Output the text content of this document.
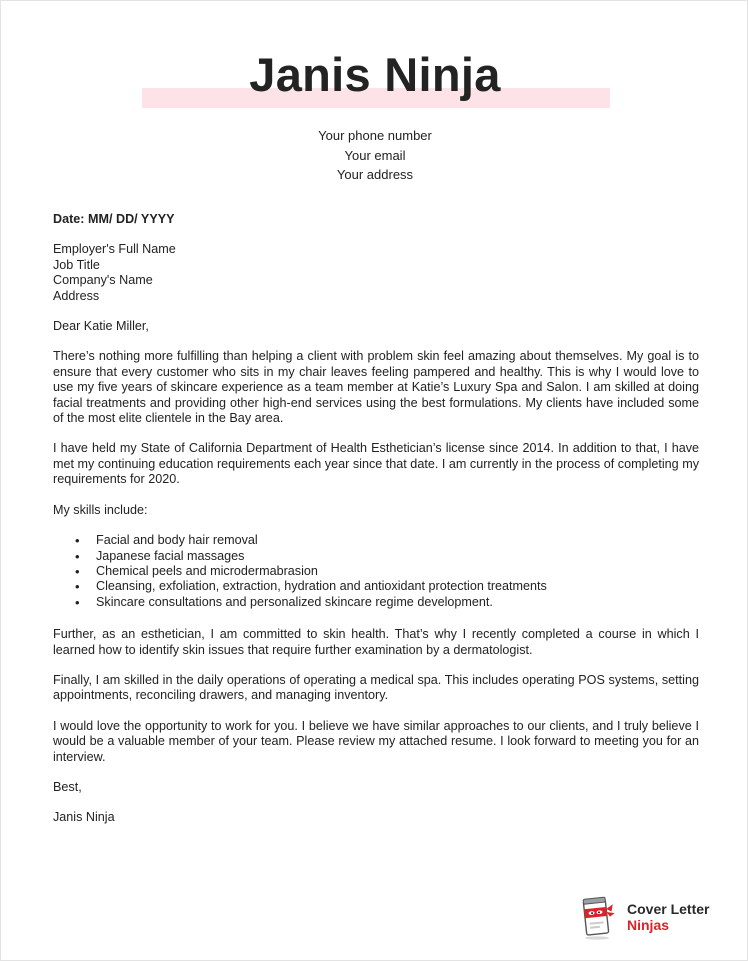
Janis Ninja
Your phone number
Your email
Your address
Date: MM/ DD/ YYYY
Employer's Full Name
Job Title
Company's Name
Address
Dear Katie Miller,

There’s nothing more fulfilling than helping a client with problem skin feel amazing about themselves. My goal is to ensure that every customer who sits in my chair leaves feeling pampered and healthy. This is why I would love to use my five years of skincare experience as a team member at Katie’s Luxury Spa and Salon. I am skilled at doing facial treatments and providing other high-end services using the best formulations. My clients have included some of the most elite clientele in the Bay area.

I have held my State of California Department of Health Esthetician’s license since 2014. In addition to that, I have met my continuing education requirements each year since that date. I am currently in the process of completing my requirements for 2020.

My skills include:

• Facial and body hair removal
• Japanese facial massages
• Chemical peels and microdermabrasion
• Cleansing, exfoliation, extraction, hydration and antioxidant protection treatments
• Skincare consultations and personalized skincare regime development.

Further, as an esthetician, I am committed to skin health. That’s why I recently completed a course in which I learned how to identify skin issues that require further examination by a dermatologist.

Finally, I am skilled in the daily operations of operating a medical spa. This includes operating POS systems, setting appointments, reconciling drawers, and managing inventory.

I would love the opportunity to work for you. I believe we have similar approaches to our clients, and I truly believe I would be a valuable member of your team. Please review my attached resume. I look forward to meeting you for an interview.

Best,
Janis Ninja
Cover Letter
Ninjas
